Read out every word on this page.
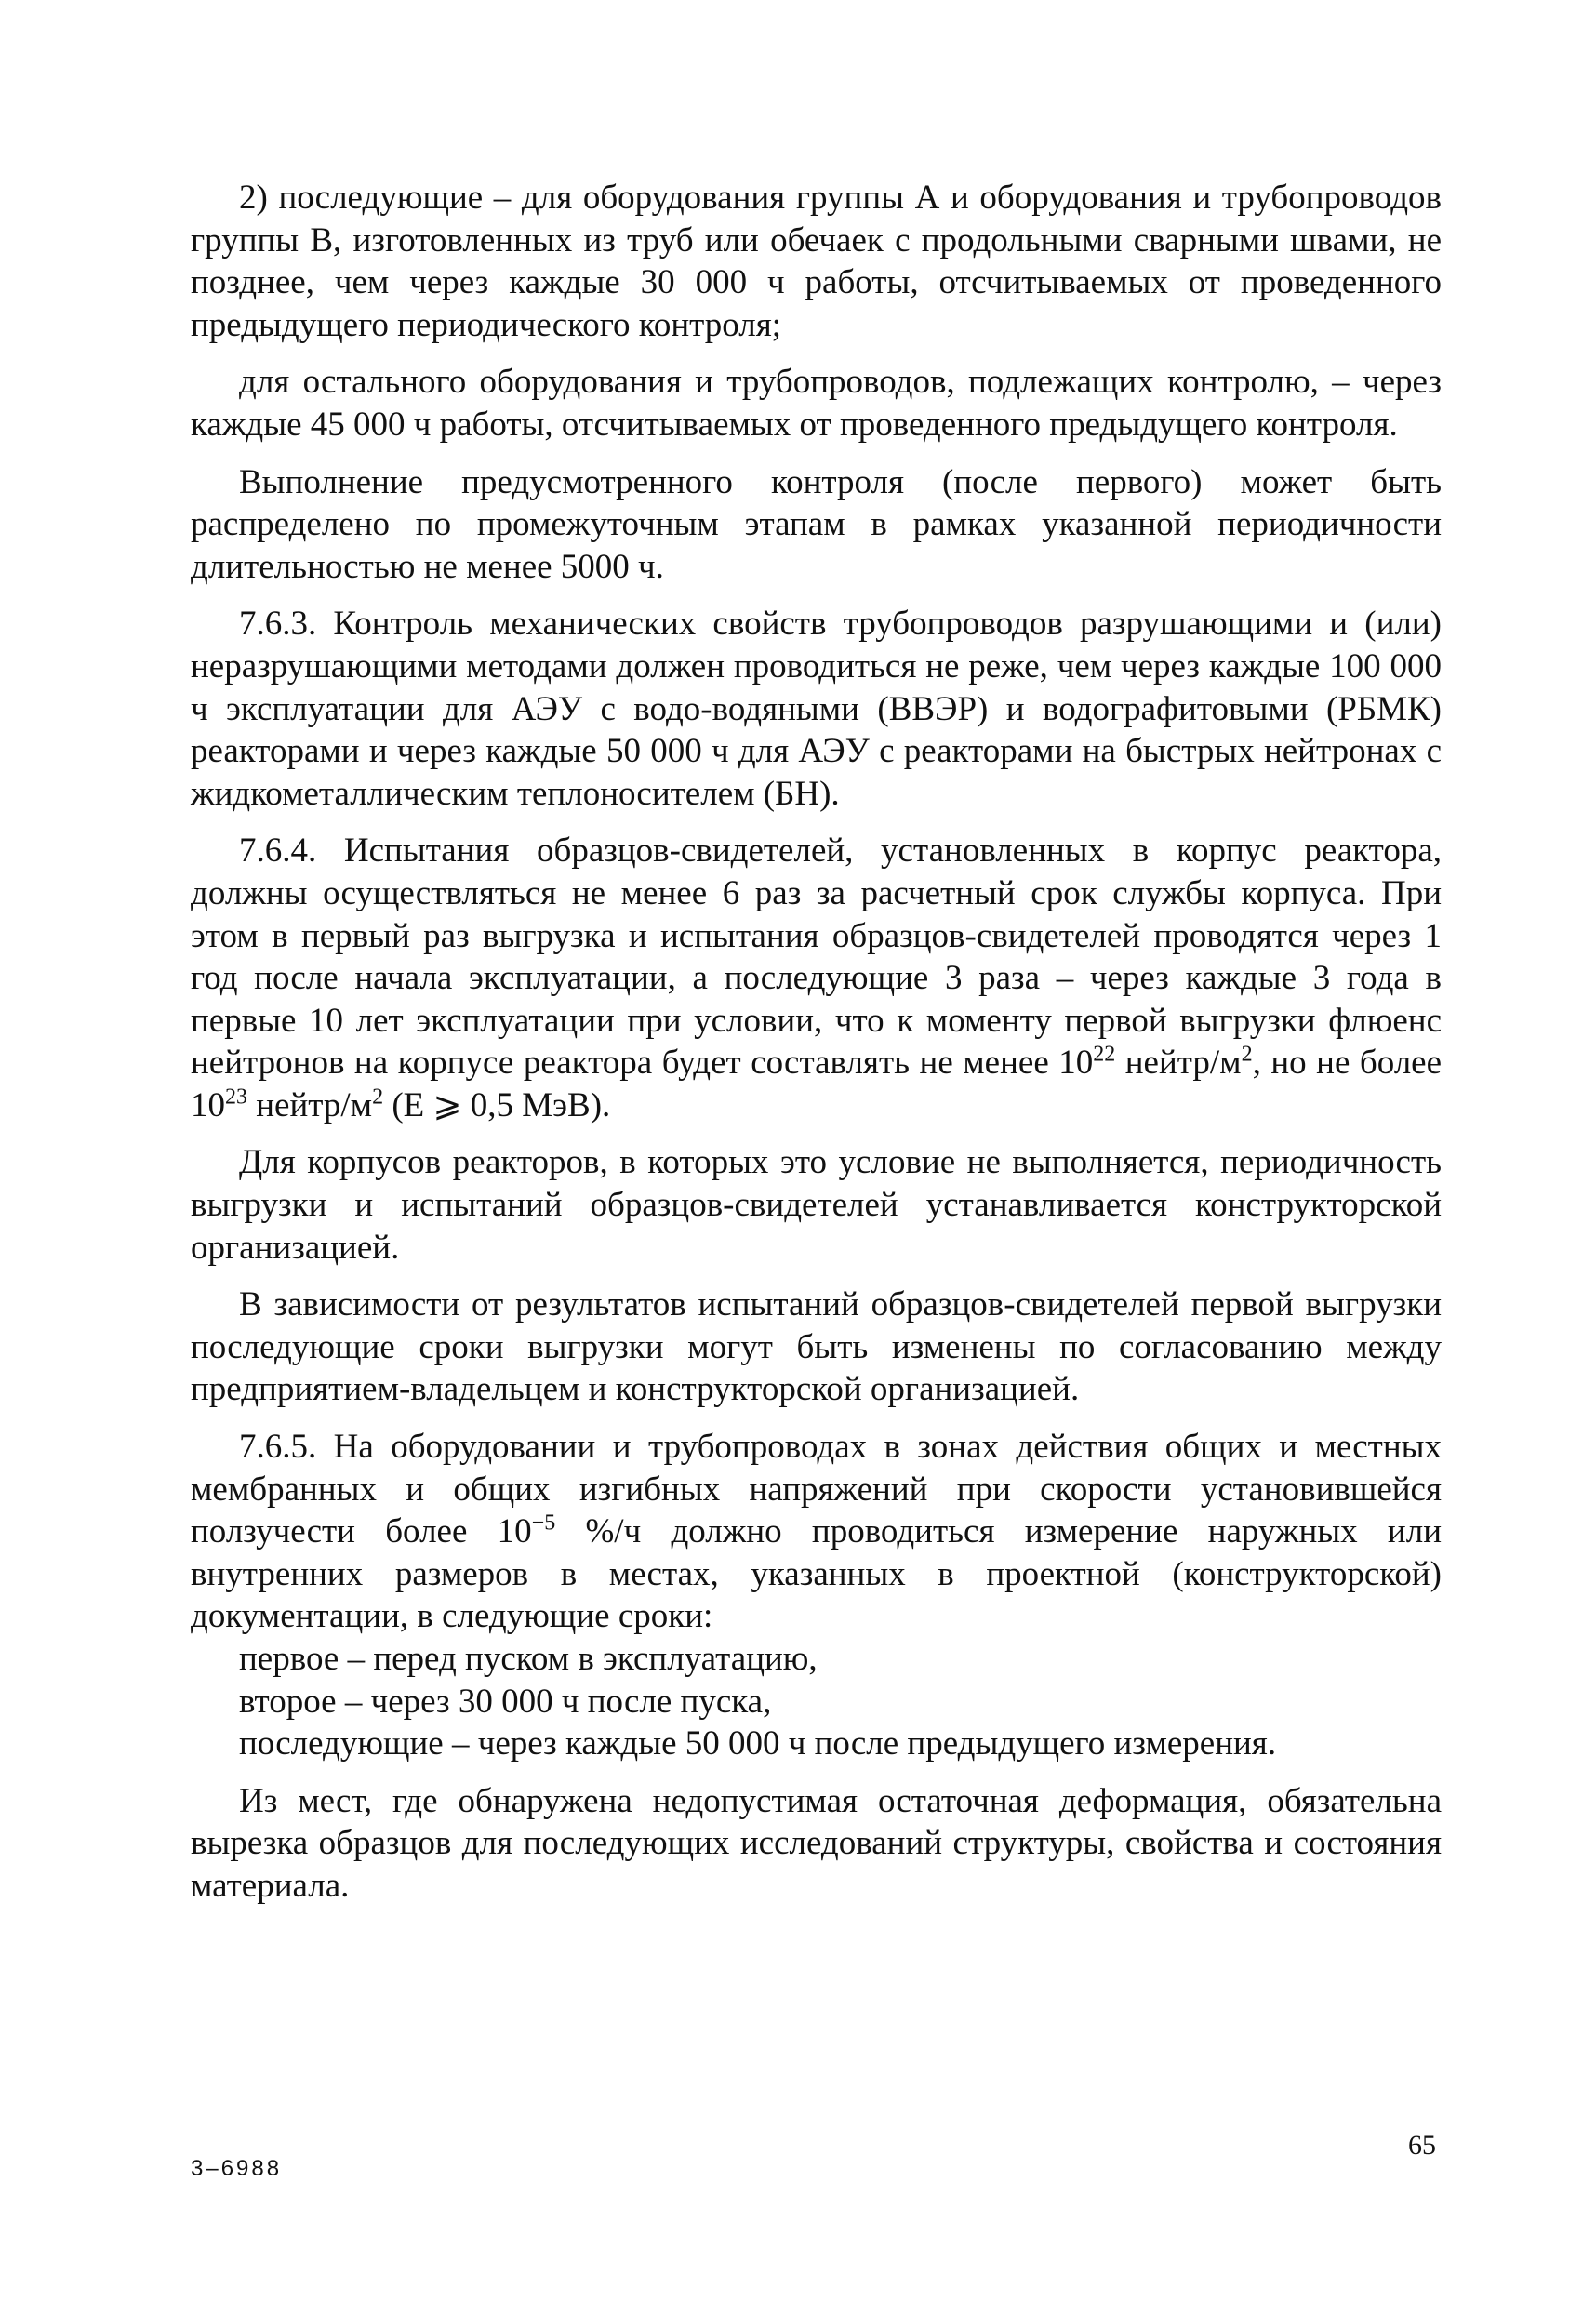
2) последующие – для оборудования группы А и оборудования и трубопроводов группы В, изготовленных из труб или обечаек с продольными сварными швами, не позднее, чем через каждые 30 000 ч работы, отсчитываемых от проведенного предыдущего периодического контроля;

для остального оборудования и трубопроводов, подлежащих контролю, – через каждые 45 000 ч работы, отсчитываемых от проведенного предыдущего контроля.

Выполнение предусмотренного контроля (после первого) может быть распределено по промежуточным этапам в рамках указанной периодичности длительностью не менее 5000 ч.

7.6.3. Контроль механических свойств трубопроводов разрушающими и (или) неразрушающими методами должен проводиться не реже, чем через каждые 100 000 ч эксплуатации для АЭУ с водо-водяными (ВВЭР) и водографитовыми (РБМК) реакторами и через каждые 50 000 ч для АЭУ с реакторами на быстрых нейтронах с жидкометаллическим теплоносителем (БН).

7.6.4. Испытания образцов-свидетелей, установленных в корпус реактора, должны осуществляться не менее 6 раз за расчетный срок службы корпуса. При этом в первый раз выгрузка и испытания образцов-свидетелей проводятся через 1 год после начала эксплуатации, а последующие 3 раза – через каждые 3 года в первые 10 лет эксплуатации при условии, что к моменту первой выгрузки флюенс нейтронов на корпусе реактора будет составлять не менее $10^{22}$ нейтр/$м^2$, но не более $10^{23}$ нейтр/$м^2$ (E ⩾ 0,5 МэВ).

Для корпусов реакторов, в которых это условие не выполняется, периодичность выгрузки и испытаний образцов-свидетелей устанавливается конструкторской организацией.

В зависимости от результатов испытаний образцов-свидетелей первой выгрузки последующие сроки выгрузки могут быть изменены по согласованию между предприятием-владельцем и конструкторской организацией.

7.6.5. На оборудовании и трубопроводах в зонах действия общих и местных мембранных и общих изгибных напряжений при скорости установившейся ползучести более $10^{-5}$ %/ч должно проводиться измерение наружных или внутренних размеров в местах, указанных в проектной (конструкторской) документации, в следующие сроки:

первое – перед пуском в эксплуатацию,

второе – через 30 000 ч после пуска,

последующие – через каждые 50 000 ч после предыдущего измерения.

Из мест, где обнаружена недопустимая остаточная деформация, обязательна вырезка образцов для последующих исследований структуры, свойства и состояния материала.

65
3–6988
